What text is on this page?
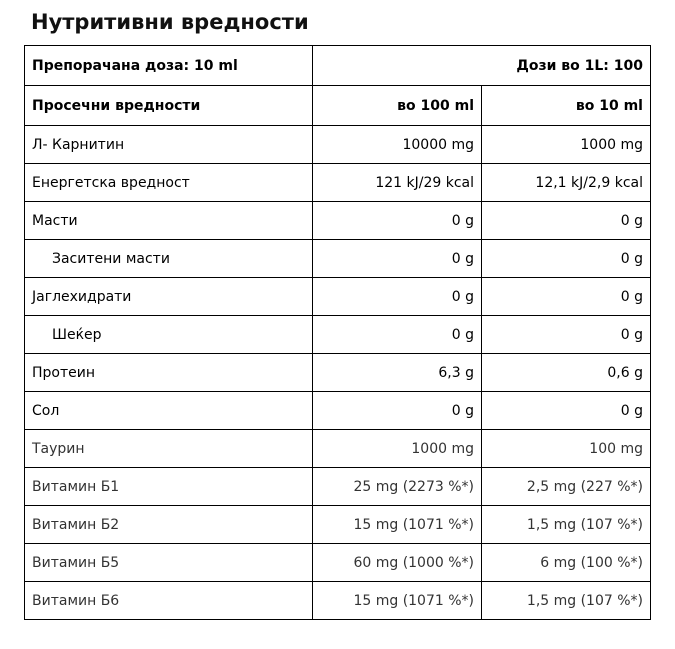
Нутритивни вредности
Препорачана доза: 10 ml	Дози во 1L: 100	
Просечни вредности	во 100 ml	во 10 ml
Л- Карнитин	10000 mg	1000 mg
Енергетска вредност	121 kJ/29 kcal	12,1 kJ/2,9 kcal
Масти	0 g	0 g
Заситени масти	0 g	0 g
Јаглехидрати	0 g	0 g
Шеќер	0 g	0 g
Протеин	6,3 g	0,6 g
Сол	0 g	0 g
Таурин	1000 mg	100 mg
Витамин Б1	25 mg (2273 %*)	2,5 mg (227 %*)
Витамин Б2	15 mg (1071 %*)	1,5 mg (107 %*)
Витамин Б5	60 mg (1000 %*)	6 mg (100 %*)
Витамин Б6	15 mg (1071 %*)	1,5 mg (107 %*)
